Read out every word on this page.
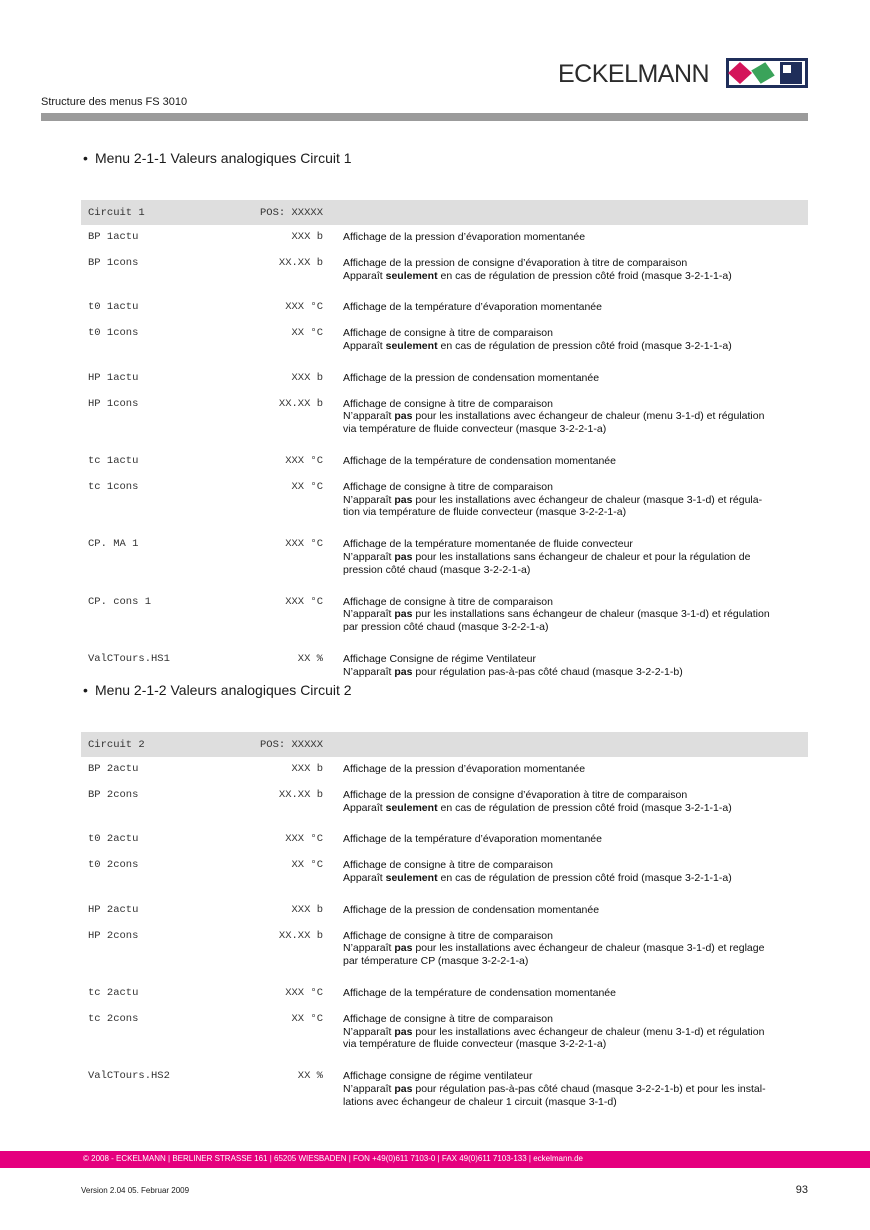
ECKELMANN
Structure des menus FS 3010
• Menu 2-1-1 Valeurs analogiques Circuit 1
Circuit 1	POS: XXXXX	
BP 1actu	XXX b	Affichage de la pression d’évaporation momentanée

BP 1cons	XX.XX b	Affichage de la pression de consigne d’évaporation à titre de comparaison
Apparaît seulement en cas de régulation de pression côté froid (masque 3-2-1-1-a)

t0 1actu	XXX °C	Affichage de la température d’évaporation momentanée

t0 1cons	XX °C	Affichage de consigne à titre de comparaison
Apparaît seulement en cas de régulation de pression côté froid (masque 3-2-1-1-a)

HP 1actu	XXX b	Affichage de la pression de condensation momentanée

HP 1cons	XX.XX b	Affichage de consigne à titre de comparaison
N’apparaît pas pour les installations avec échangeur de chaleur (menu 3-1-d) et régulation
via température de fluide convecteur (masque 3-2-2-1-a)

tc 1actu	XXX °C	Affichage de la température de condensation momentanée

tc 1cons	XX °C	Affichage de consigne à titre de comparaison
N’apparaît pas pour les installations avec échangeur de chaleur (masque 3-1-d) et régula-
tion via température de fluide convecteur (masque 3-2-2-1-a)

CP. MA 1	XXX °C	Affichage de la température momentanée de fluide convecteur
N’apparaît pas pour les installations sans échangeur de chaleur et pour la régulation de
pression côté chaud (masque 3-2-2-1-a)

CP. cons 1	XXX °C	Affichage de consigne à titre de comparaison
N’apparaît pas pur les installations sans échangeur de chaleur (masque 3-1-d) et régulation
par pression côté chaud (masque 3-2-2-1-a)

ValCTours.HS1	XX %	Affichage Consigne de régime Ventilateur
N’apparaît pas pour régulation pas-à-pas côté chaud (masque 3-2-2-1-b)
• Menu 2-1-2 Valeurs analogiques Circuit 2
Circuit 2	POS: XXXXX	
BP 2actu	XXX b	Affichage de la pression d’évaporation momentanée

BP 2cons	XX.XX b	Affichage de la pression de consigne d’évaporation à titre de comparaison
Apparaît seulement en cas de régulation de pression côté froid (masque 3-2-1-1-a)

t0 2actu	XXX °C	Affichage de la température d’évaporation momentanée

t0 2cons	XX °C	Affichage de consigne à titre de comparaison
Apparaît seulement en cas de régulation de pression côté froid (masque 3-2-1-1-a)

HP 2actu	XXX b	Affichage de la pression de condensation momentanée

HP 2cons	XX.XX b	Affichage de consigne à titre de comparaison
N’apparaît pas pour les installations avec échangeur de chaleur (masque 3-1-d) et reglage
par témperature CP (masque 3-2-2-1-a)

tc 2actu	XXX °C	Affichage de la température de condensation momentanée

tc 2cons	XX °C	Affichage de consigne à titre de comparaison
N’apparaît pas pour les installations avec échangeur de chaleur (menu 3-1-d) et régulation
via température de fluide convecteur (masque 3-2-2-1-a)

ValCTours.HS2	XX %	Affichage consigne de régime ventilateur
N’apparaît pas pour régulation pas-à-pas côté chaud (masque 3-2-2-1-b) et pour les instal-
lations avec échangeur de chaleur 1 circuit (masque 3-1-d)
© 2008 - ECKELMANN | BERLINER STRASSE 161 | 65205 WIESBADEN | FON +49(0)611 7103-0 | FAX 49(0)611 7103-133 | eckelmann.de
Version 2.04 05. Februar 2009	93
